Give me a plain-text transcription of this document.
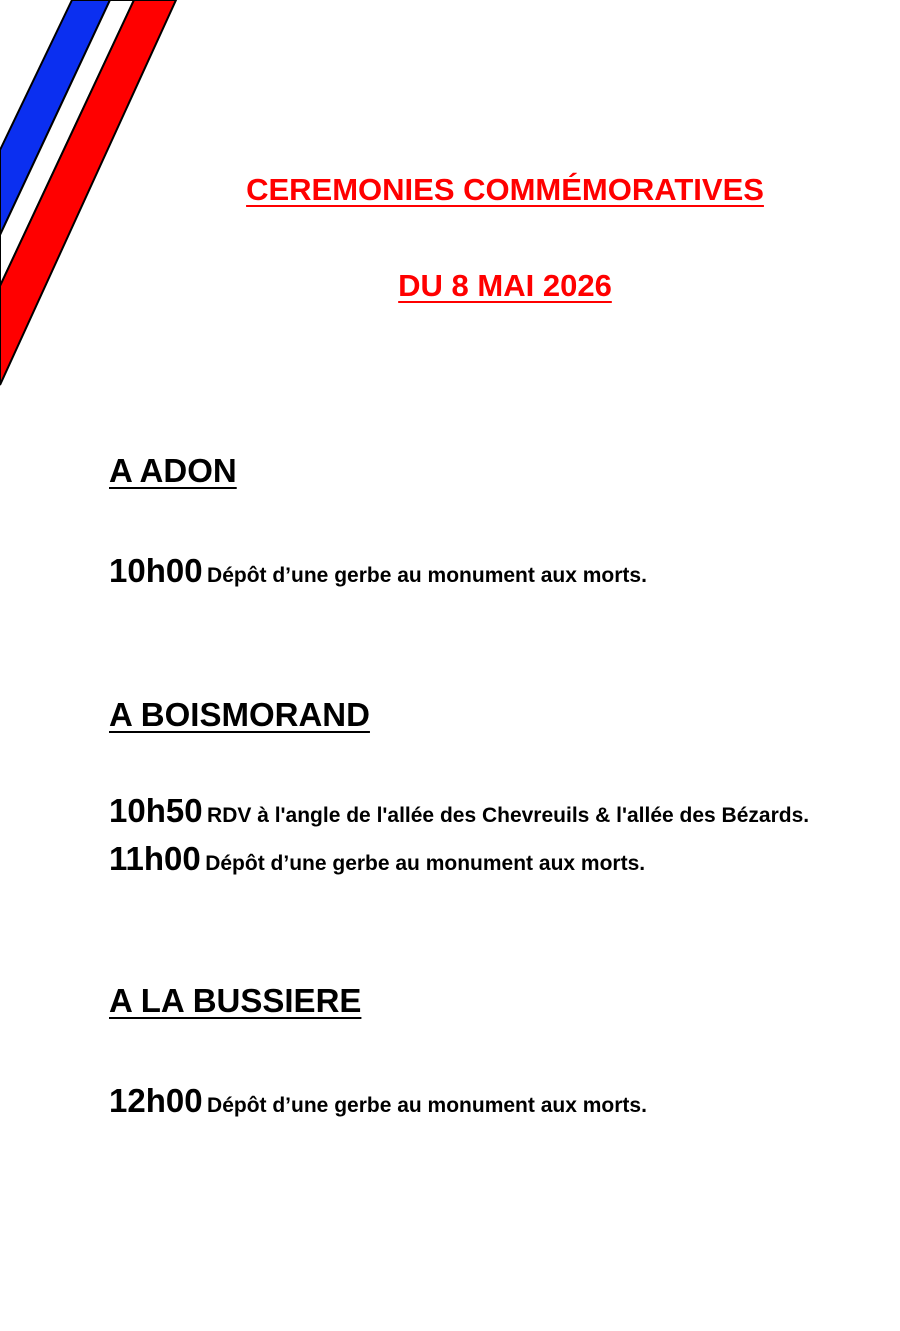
CEREMONIES COMMÉMORATIVES
DU 8 MAI 2026
A ADON
10h00 Dépôt d’une gerbe au monument aux morts.
A BOISMORAND
10h50 RDV à l'angle de l'allée des Chevreuils & l'allée des Bézards.
11h00 Dépôt d’une gerbe au monument aux morts.
A LA BUSSIERE
12h00 Dépôt d’une gerbe au monument aux morts.
